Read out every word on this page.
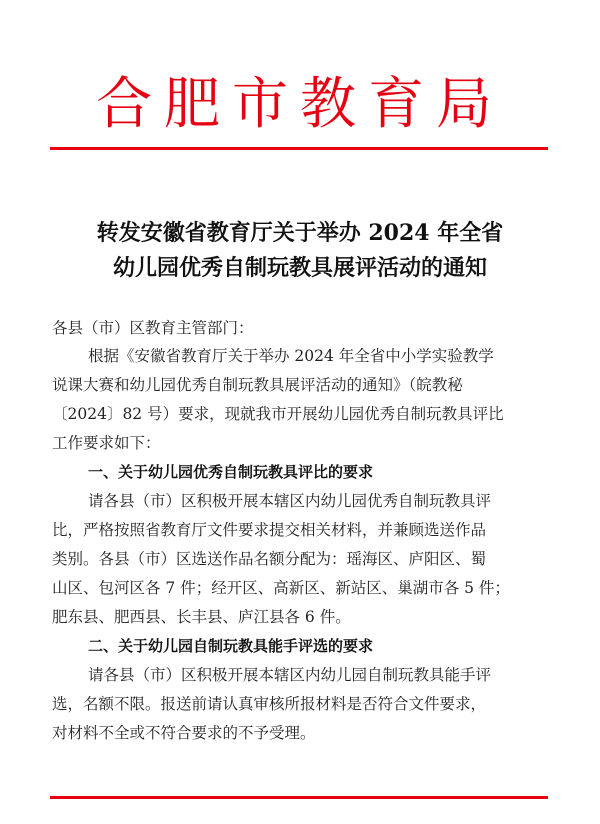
合肥市教育局
转发安徽省教育厅关于举办 2024 年全省
幼儿园优秀自制玩教具展评活动的通知
各县（市）区教育主管部门：
根据《安徽省教育厅关于举办 2024 年全省中小学实验教学
说课大赛和幼儿园优秀自制玩教具展评活动的通知》（皖教秘
〔2024〕82 号）要求，现就我市开展幼儿园优秀自制玩教具评比
工作要求如下：
一、关于幼儿园优秀自制玩教具评比的要求
请各县（市）区积极开展本辖区内幼儿园优秀自制玩教具评
比，严格按照省教育厅文件要求提交相关材料，并兼顾选送作品
类别。各县（市）区选送作品名额分配为：瑶海区、庐阳区、蜀
山区、包河区各 7 件；经开区、高新区、新站区、巢湖市各 5 件；
肥东县、肥西县、长丰县、庐江县各 6 件。
二、关于幼儿园自制玩教具能手评选的要求
请各县（市）区积极开展本辖区内幼儿园自制玩教具能手评
选，名额不限。报送前请认真审核所报材料是否符合文件要求，
对材料不全或不符合要求的不予受理。
